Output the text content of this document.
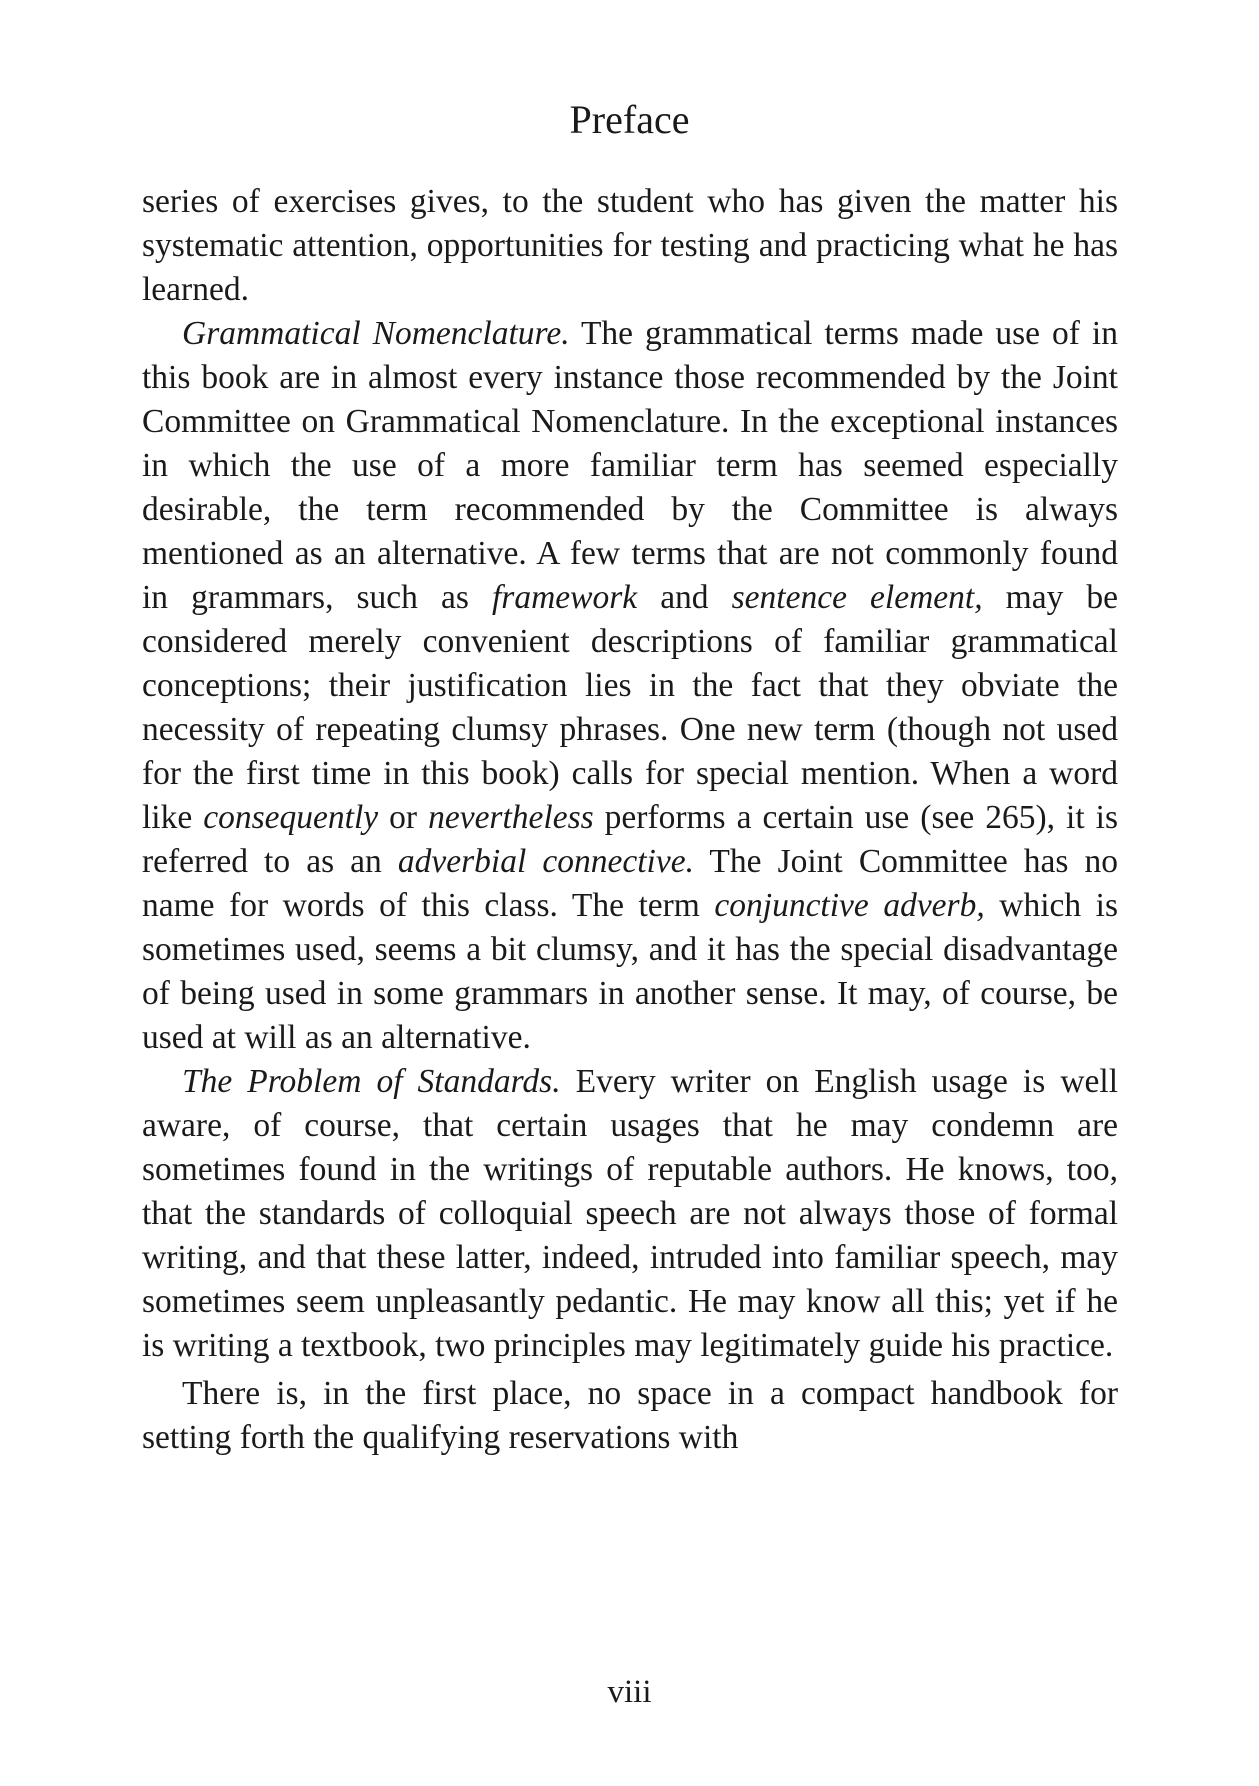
Preface

series of exercises gives, to the student who has given the matter his systematic attention, opportunities for testing and practicing what he has learned.

Grammatical Nomenclature. The grammatical terms made use of in this book are in almost every instance those recommended by the Joint Committee on Grammatical Nomenclature. In the exceptional instances in which the use of a more familiar term has seemed especially desirable, the term recommended by the Committee is always mentioned as an alternative. A few terms that are not commonly found in grammars, such as framework and sentence element, may be considered merely convenient descriptions of familiar grammatical conceptions; their justification lies in the fact that they obviate the necessity of repeating clumsy phrases. One new term (though not used for the first time in this book) calls for special mention. When a word like consequently or nevertheless performs a certain use (see 265), it is referred to as an adverbial connective. The Joint Committee has no name for words of this class. The term conjunctive adverb, which is sometimes used, seems a bit clumsy, and it has the special disadvantage of being used in some grammars in another sense. It may, of course, be used at will as an alternative.

The Problem of Standards. Every writer on English usage is well aware, of course, that certain usages that he may condemn are sometimes found in the writings of reputable authors. He knows, too, that the standards of colloquial speech are not always those of formal writing, and that these latter, indeed, intruded into familiar speech, may sometimes seem unpleasantly pedantic. He may know all this; yet if he is writing a textbook, two principles may legitimately guide his practice.

There is, in the first place, no space in a compact handbook for setting forth the qualifying reservations with

viii
